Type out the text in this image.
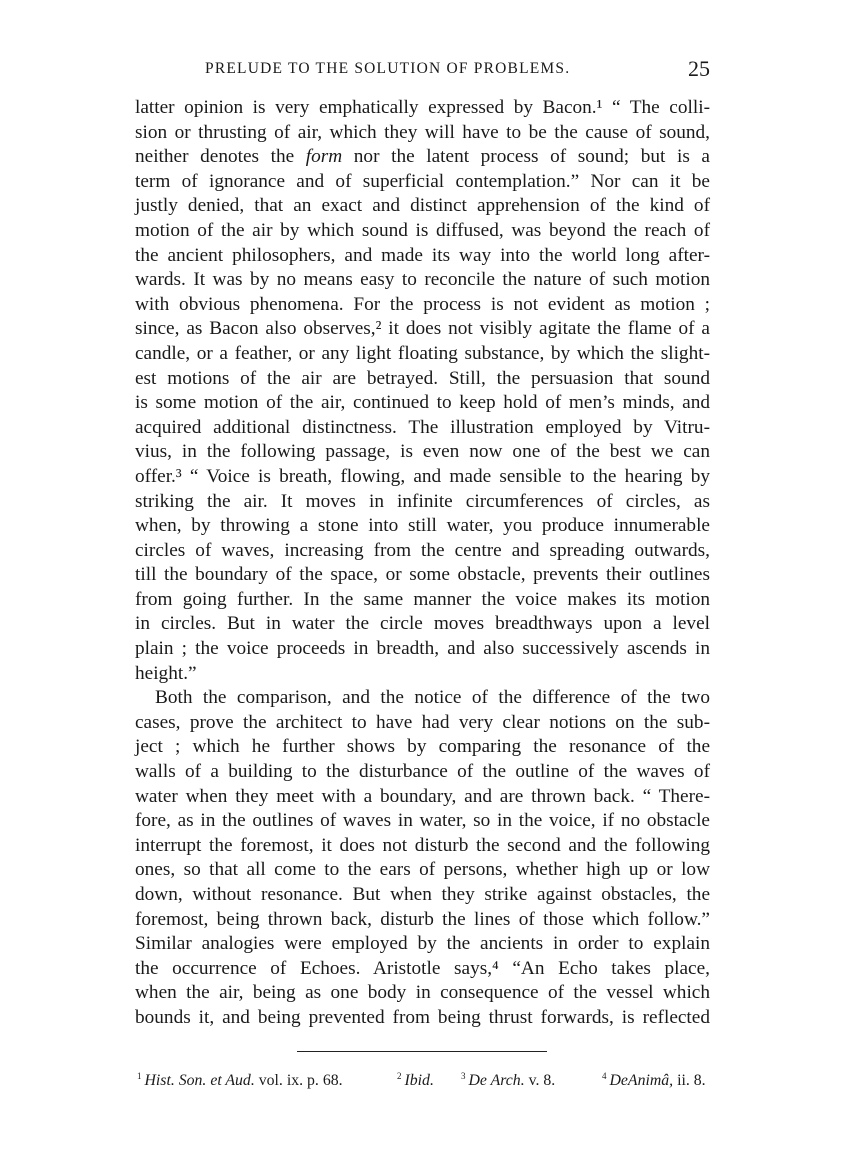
PRELUDE TO THE SOLUTION OF PROBLEMS.	25
latter opinion is very emphatically expressed by Bacon.¹ “ The colli-
sion or thrusting of air, which they will have to be the cause of sound,
neither denotes the form nor the latent process of sound; but is a
term of ignorance and of superficial contemplation.” Nor can it be
justly denied, that an exact and distinct apprehension of the kind of
motion of the air by which sound is diffused, was beyond the reach of
the ancient philosophers, and made its way into the world long after-
wards. It was by no means easy to reconcile the nature of such motion
with obvious phenomena. For the process is not evident as motion ;
since, as Bacon also observes,² it does not visibly agitate the flame of a
candle, or a feather, or any light floating substance, by which the slight-
est motions of the air are betrayed. Still, the persuasion that sound
is some motion of the air, continued to keep hold of men’s minds, and
acquired additional distinctness. The illustration employed by Vitru-
vius, in the following passage, is even now one of the best we can
offer.³ “ Voice is breath, flowing, and made sensible to the hearing by
striking the air. It moves in infinite circumferences of circles, as
when, by throwing a stone into still water, you produce innumerable
circles of waves, increasing from the centre and spreading outwards,
till the boundary of the space, or some obstacle, prevents their outlines
from going further. In the same manner the voice makes its motion
in circles. But in water the circle moves breadthways upon a level
plain ; the voice proceeds in breadth, and also successively ascends in
height.”
Both the comparison, and the notice of the difference of the two
cases, prove the architect to have had very clear notions on the sub-
ject ; which he further shows by comparing the resonance of the
walls of a building to the disturbance of the outline of the waves of
water when they meet with a boundary, and are thrown back. “ There-
fore, as in the outlines of waves in water, so in the voice, if no obstacle
interrupt the foremost, it does not disturb the second and the following
ones, so that all come to the ears of persons, whether high up or low
down, without resonance. But when they strike against obstacles, the
foremost, being thrown back, disturb the lines of those which follow.”
Similar analogies were employed by the ancients in order to explain
the occurrence of Echoes. Aristotle says,⁴ “An Echo takes place,
when the air, being as one body in consequence of the vessel which
bounds it, and being prevented from being thrust forwards, is reflected
$^1$ Hist. Son. et Aud. vol. ix. p. 68.	$^2$ Ibid.	$^3$ De Arch. v. 8.	$^4$ DeAnimâ, ii. 8.
